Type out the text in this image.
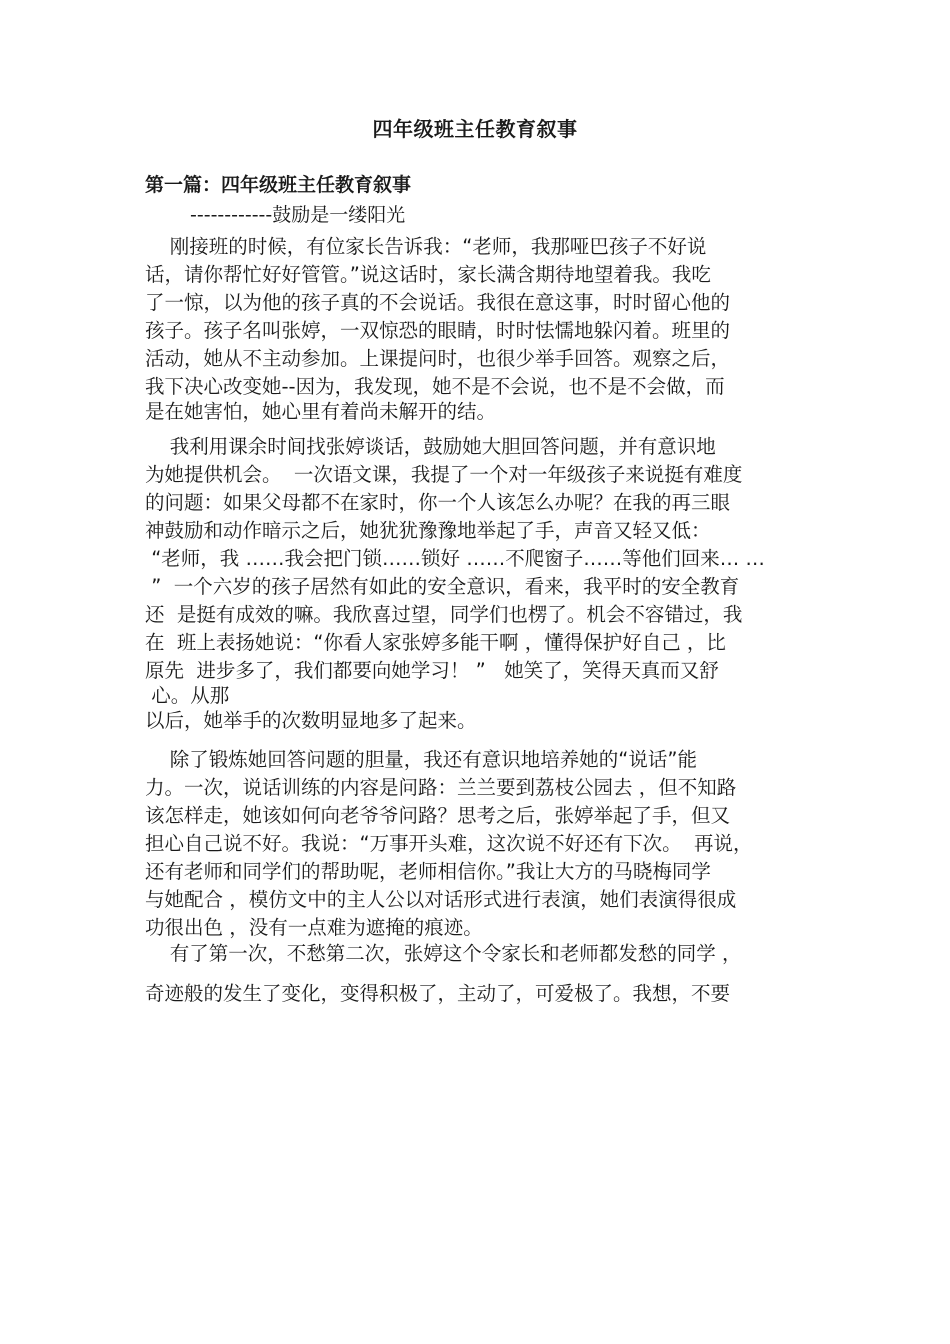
四年级班主任教育叙事
第一篇：四年级班主任教育叙事
------------鼓励是一缕阳光
刚接班的时候，有位家长告诉我：“老师，我那哑巴孩子不好说
话，请你帮忙好好管管。”说这话时，家长满含期待地望着我。我吃
了一惊，以为他的孩子真的不会说话。我很在意这事，时时留心他的
孩子。孩子名叫张婷，一双惊恐的眼睛，时时怯懦地躲闪着。班里的
活动，她从不主动参加。上课提问时，也很少举手回答。观察之后，
我下决心改变她--因为，我发现，她不是不会说，也不是不会做，而
是在她害怕，她心里有着尚未解开的结。
我利用课余时间找张婷谈话，鼓励她大胆回答问题，并有意识地
为她提供机会。  一次语文课，我提了一个对一年级孩子来说挺有难度
的问题：如果父母都不在家时，你一个人该怎么办呢？在我的再三眼
神鼓励和动作暗示之后，她犹犹豫豫地举起了手，声音又轻又低：
“老师，我 ……我会把门锁……锁好 ……不爬窗子……等他们回来… …
”  一个六岁的孩子居然有如此的安全意识，看来，我平时的安全教育
还  是挺有成效的嘛。我欣喜过望，同学们也楞了。机会不容错过，我
在  班上表扬她说：“你看人家张婷多能干啊 ，懂得保护好自己 ，比
原先  进步多了，我们都要向她学习！ ”   她笑了，笑得天真而又舒
心。从那
以后，她举手的次数明显地多了起来。
除了锻炼她回答问题的胆量，我还有意识地培养她的“说话”能
力。一次，说话训练的内容是问路：兰兰要到荔枝公园去 ，但不知路
该怎样走，她该如何向老爷爷问路？思考之后，张婷举起了手，但又
担心自己说不好。我说：“万事开头难，这次说不好还有下次。  再说，
还有老师和同学们的帮助呢，老师相信你。”我让大方的马晓梅同学
与她配合 ，模仿文中的主人公以对话形式进行表演，她们表演得很成
功很出色 ，没有一点难为遮掩的痕迹。
有了第一次，不愁第二次，张婷这个令家长和老师都发愁的同学 ，
奇迹般的发生了变化，变得积极了，主动了，可爱极了。我想，不要
